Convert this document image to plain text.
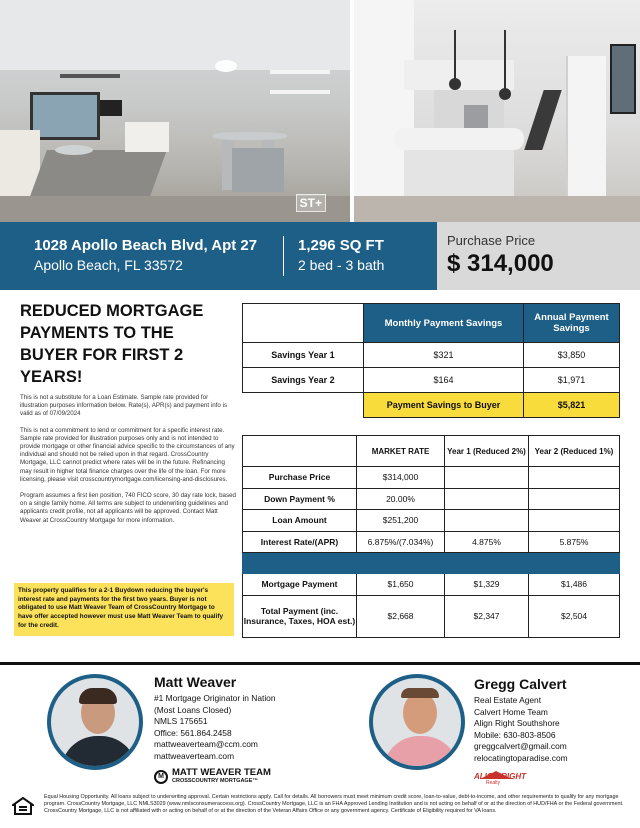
ST+
1028 Apollo Beach Blvd, Apt 27
Apollo Beach, FL 33572
1,296 SQ FT
2 bed - 3 bath
Purchase Price
$ 314,000
REDUCED MORTGAGE PAYMENTS TO THE BUYER FOR FIRST 2 YEARS!
This is not a substitute for a Loan Estimate. Sample rate provided for illustration purposes information below. Rate(s), APR(s) and payment info is valid as of 07/09/2024
This is not a commitment to lend or commitment for a specific interest rate. Sample rate provided for illustration purposes only and is not intended to provide mortgage or other financial advice specific to the circumstances of any individual and should not be relied upon in that regard. CrossCountry Mortgage, LLC cannot predict where rates will be in the future. Refinancing may result in higher total finance charges over the life of the loan. For more licensing, please visit crosscountrymortgage.com/licensing-and-disclosures.
Program assumes a first lien position, 740 FICO score, 30 day rate lock, based on a single family home. All terms are subject to underwriting guidelines and applicants credit profile, not all applicants will be approved. Contact Matt Weaver at CrossCountry Mortgage for more information.
This property qualifies for a 2-1 Buydown reducing the buyer's interest rate and payments for the first two years. Buyer is not obligated to use Matt Weaver Team of CrossCountry Mortgage to have offer accepted however must use Matt Weaver Team to qualify for the credit.
	Monthly Payment Savings	Annual Payment Savings
Savings Year 1	$321	$3,850
Savings Year 2	$164	$1,971
	Payment Savings to Buyer	$5,821
	MARKET RATE	Year 1 (Reduced 2%)	Year 2 (Reduced 1%)
Purchase Price	$314,000		
Down Payment %	20.00%		
Loan Amount	$251,200		
Interest Rate/(APR)	6.875%/(7.034%)	4.875%	5.875%

Mortgage Payment	$1,650	$1,329	$1,486
Total Payment (inc. Insurance, Taxes, HOA est.)	$2,668	$2,347	$2,504
Matt Weaver
#1 Mortgage Originator in Nation
(Most Loans Closed)
NMLS 175651
Office: 561.864.2458
mattweaverteam@ccm.com
mattweaverteam.com
M MATT WEAVER TEAM
CROSSCOUNTRY MORTGAGE™
Gregg Calvert
Real Estate Agent
Calvert Home Team
Align Right Southshore
Mobile: 630-803-8506
greggcalvert@gmail.com
relocatingtoparadise.com
ALIGN RIGHT
Realty
Equal Housing Opportunity. All loans subject to underwriting approval. Certain restrictions apply. Call for details. All borrowers must meet minimum credit score, loan-to-value, debt-to-income, and other requirements to qualify for any mortgage program. CrossCountry Mortgage, LLC NMLS3029 (www.nmlsconsumeraccess.org). CrossCountry Mortgage, LLC is an FHA Approved Lending Institution and is not acting on behalf of or at the direction of HUD/FHA or the Federal government. CrossCountry Mortgage, LLC is not affiliated with or acting on behalf of or at the direction of the Veteran Affairs Office or any government agency. Certificate of Eligibility required for VA loans.
